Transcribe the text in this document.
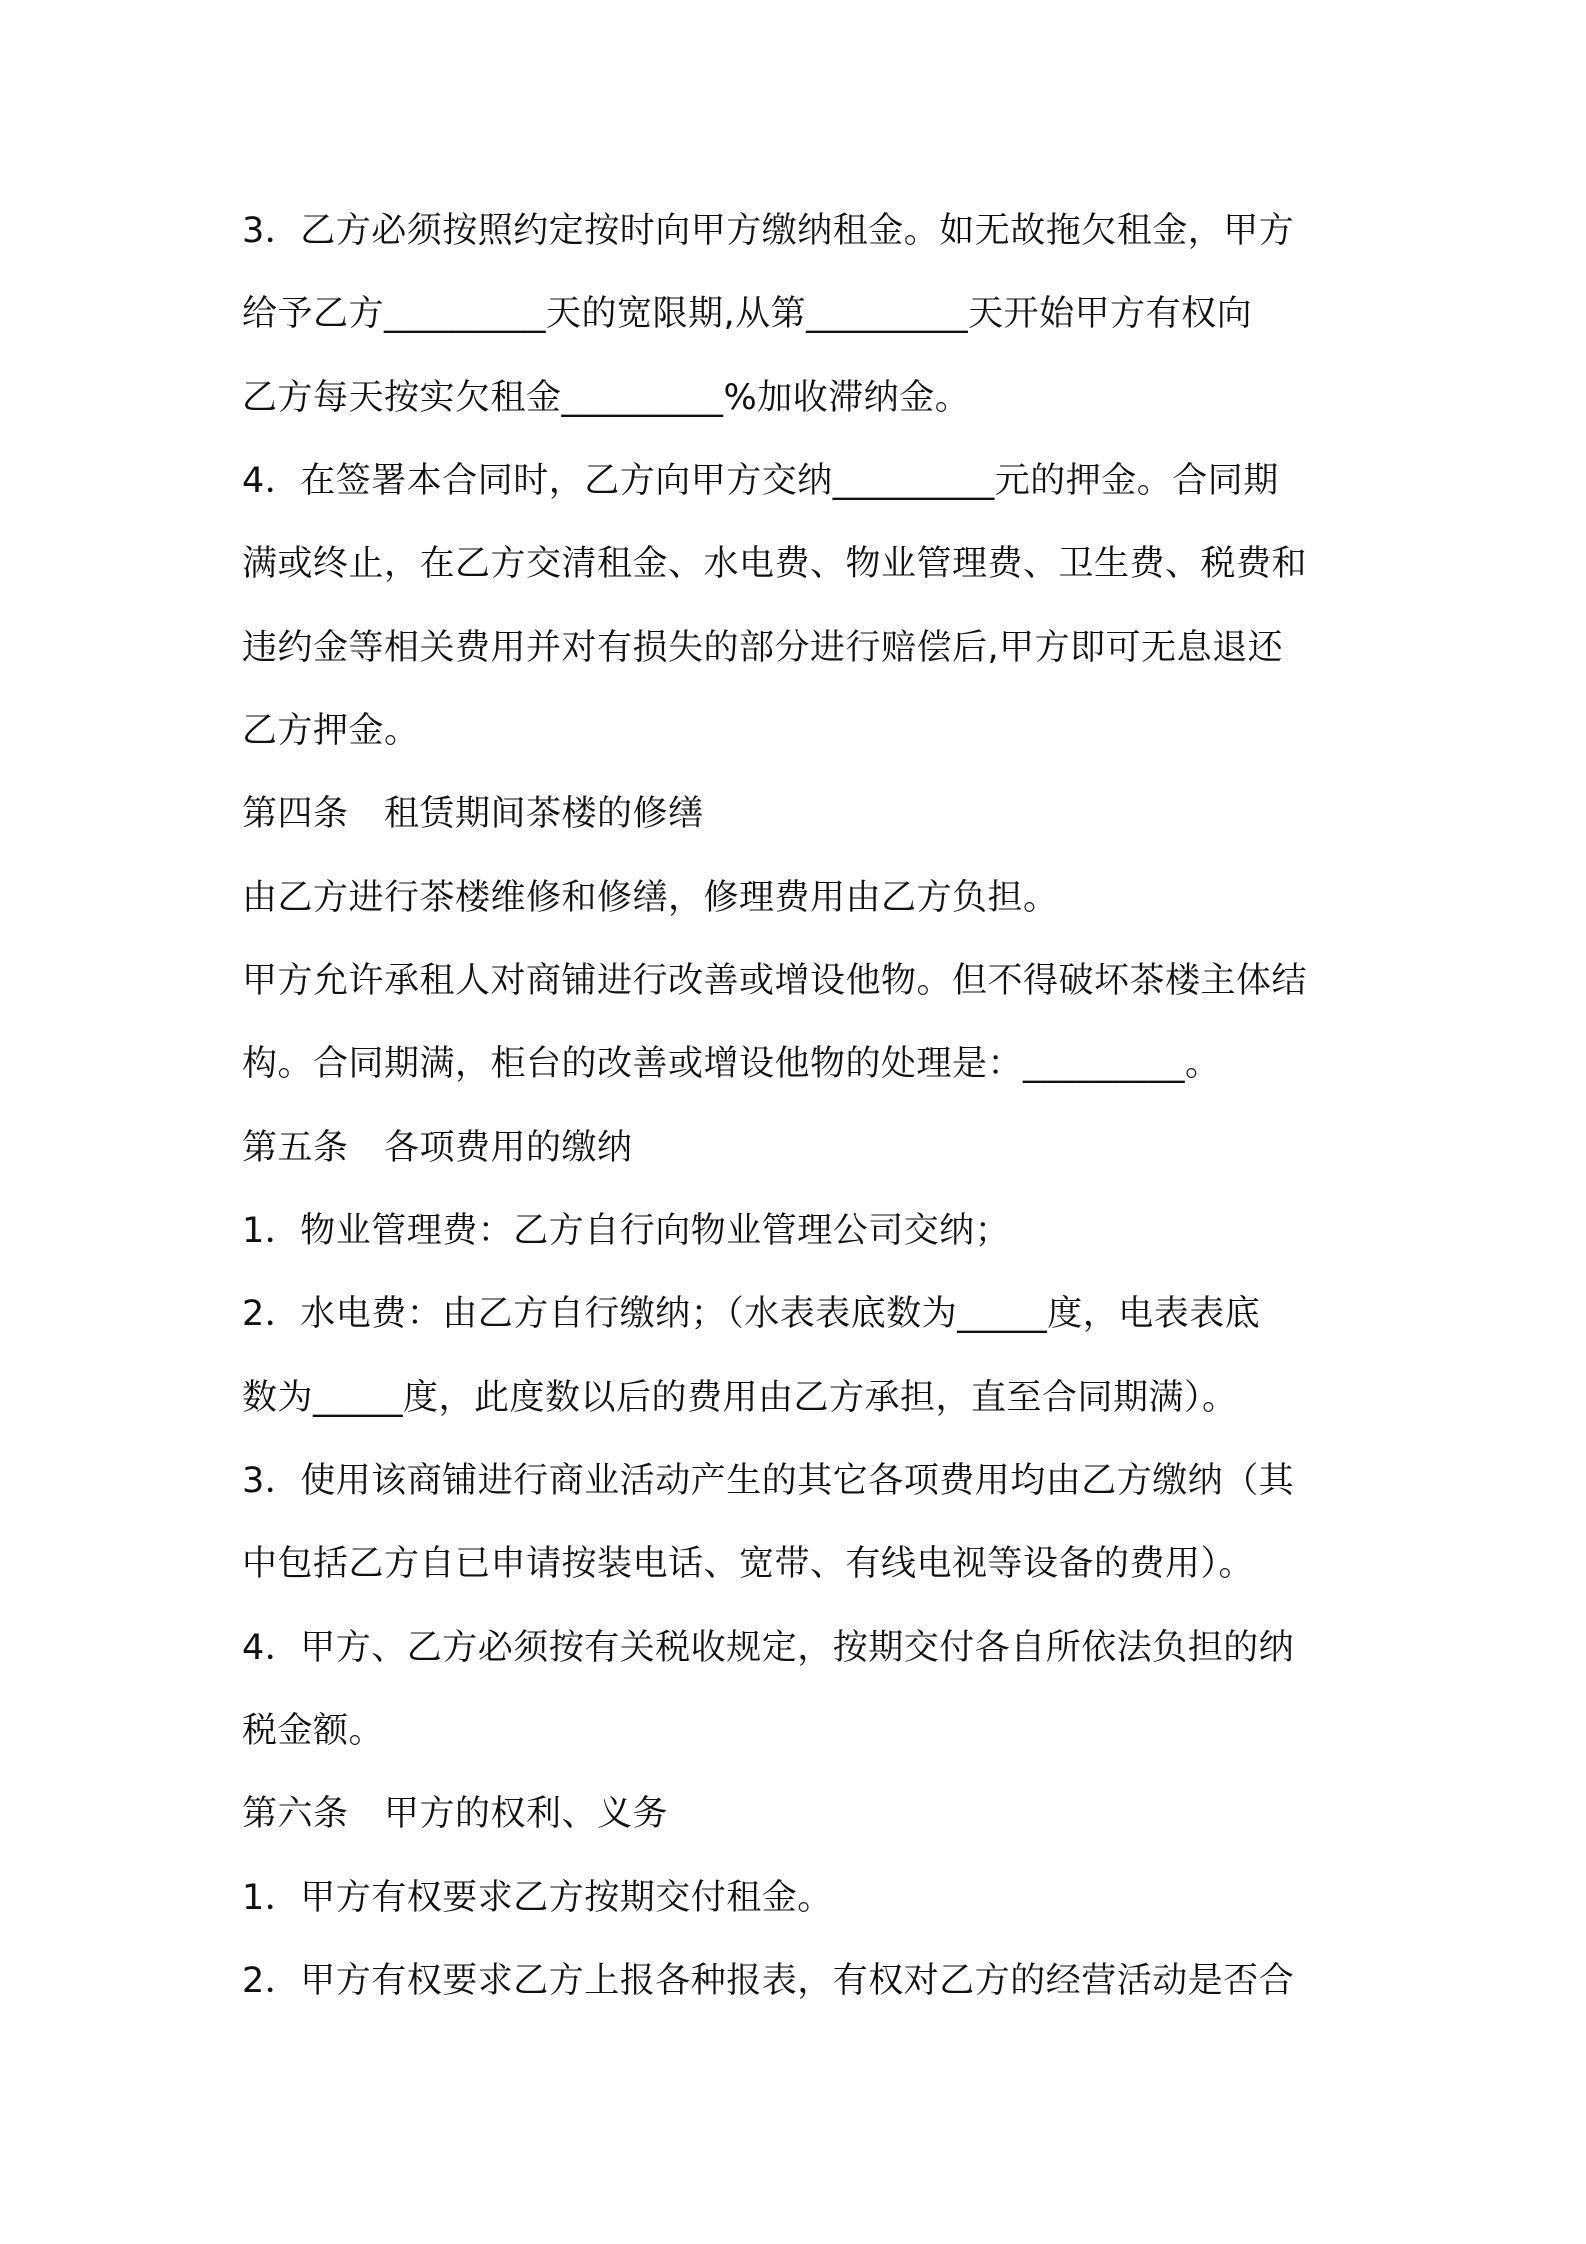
3．乙方必须按照约定按时向甲方缴纳租金。如无故拖欠租金，甲方
给予乙方_________天的宽限期,从第_________天开始甲方有权向
乙方每天按实欠租金_________%加收滞纳金。
4．在签署本合同时，乙方向甲方交纳_________元的押金。合同期
满或终止，在乙方交清租金、水电费、物业管理费、卫生费、税费和
违约金等相关费用并对有损失的部分进行赔偿后,甲方即可无息退还
乙方押金。
第四条　租赁期间茶楼的修缮
由乙方进行茶楼维修和修缮，修理费用由乙方负担。
甲方允许承租人对商铺进行改善或增设他物。但不得破坏茶楼主体结
构。合同期满，柜台的改善或增设他物的处理是：_________。
第五条　各项费用的缴纳
1．物业管理费：乙方自行向物业管理公司交纳；
2．水电费：由乙方自行缴纳；（水表表底数为_____度，电表表底
数为_____度，此度数以后的费用由乙方承担，直至合同期满）。
3．使用该商铺进行商业活动产生的其它各项费用均由乙方缴纳（其
中包括乙方自已申请按装电话、宽带、有线电视等设备的费用）。
4．甲方、乙方必须按有关税收规定，按期交付各自所依法负担的纳
税金额。
第六条　甲方的权利、义务
1．甲方有权要求乙方按期交付租金。
2．甲方有权要求乙方上报各种报表，有权对乙方的经营活动是否合
